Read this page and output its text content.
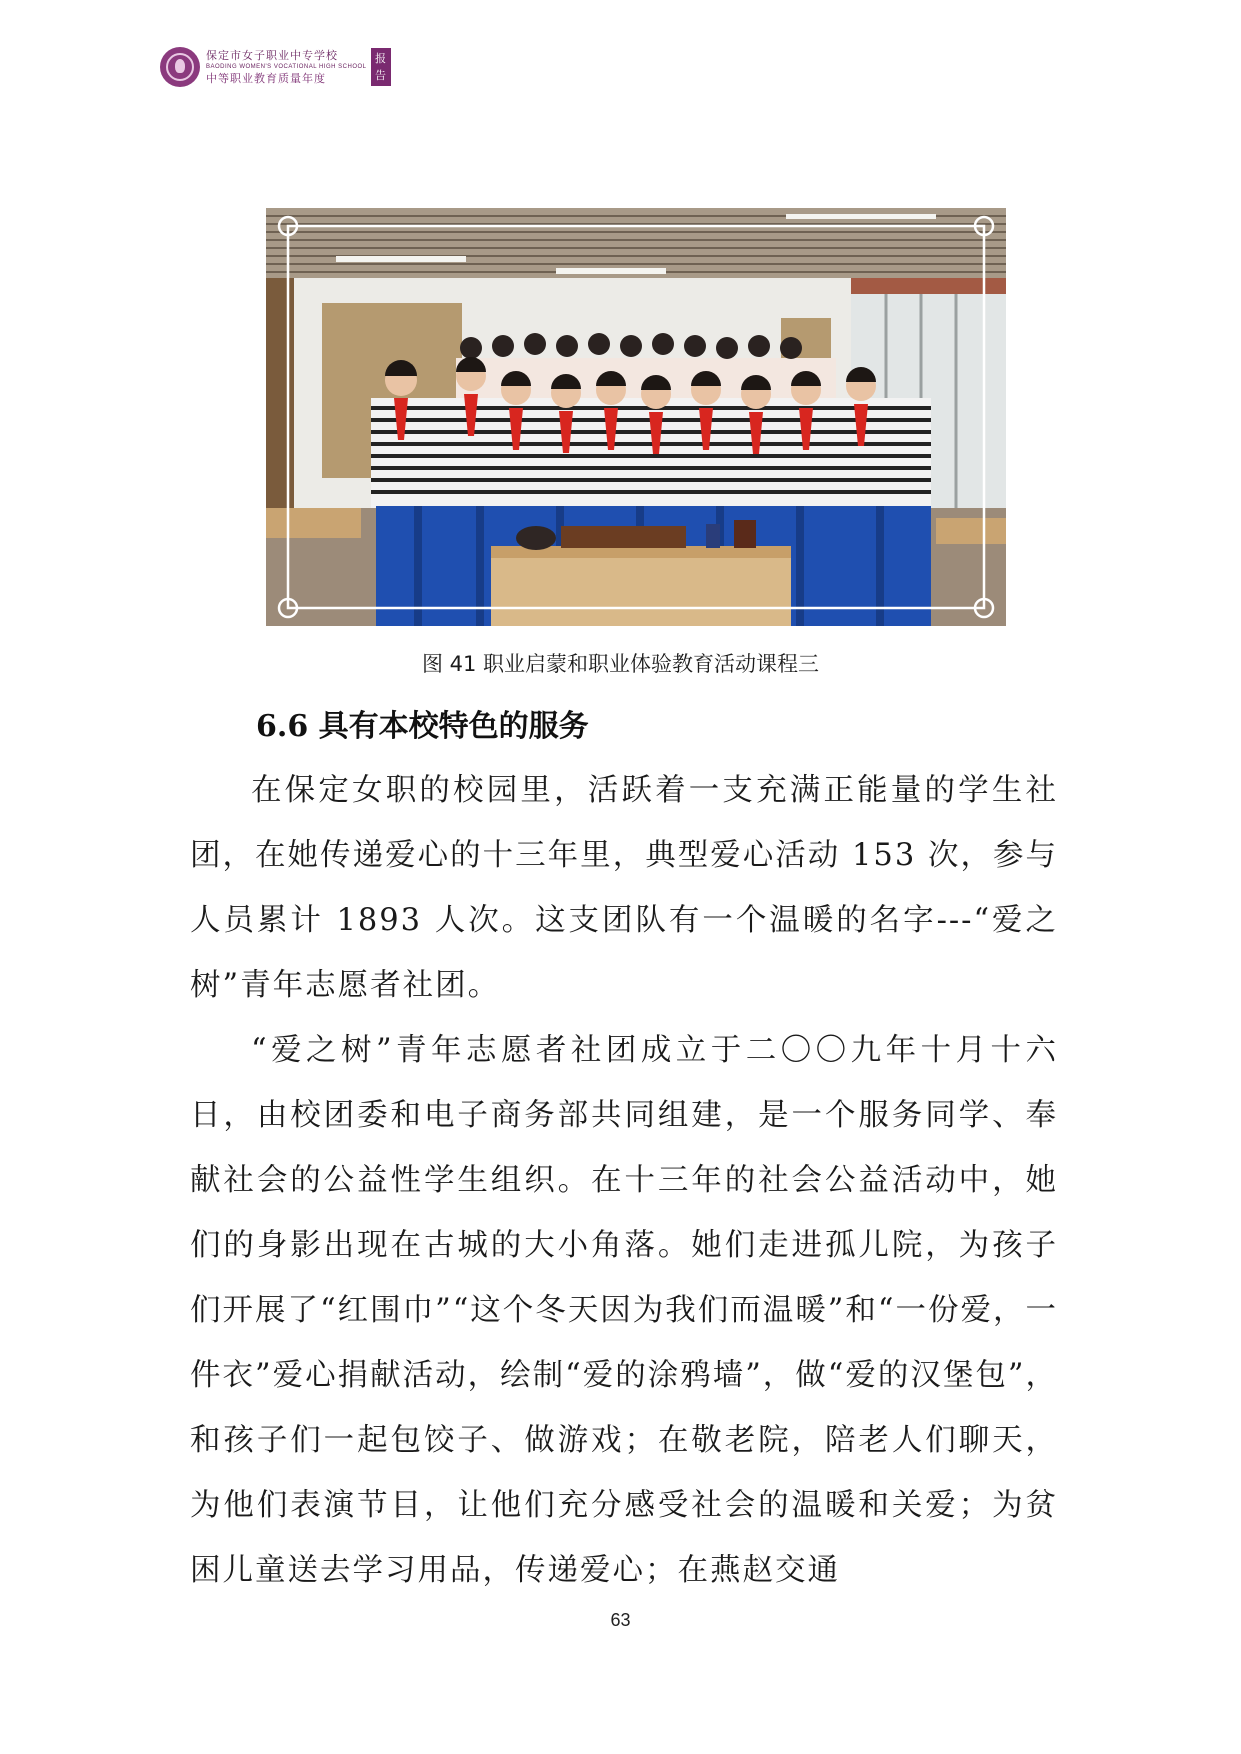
保定市女子职业中专学校
BAODING WOMEN'S VOCATIONAL HIGH SCHOOL
中等职业教育质量年度
报
告
图 41 职业启蒙和职业体验教育活动课程三
6.6 具有本校特色的服务

在保定女职的校园里，活跃着一支充满正能量的学生社团，在她传递爱心的十三年里，典型爱心活动 153 次，参与人员累计 1893 人次。这支团队有一个温暖的名字---“爱之树”青年志愿者社团。

“爱之树”青年志愿者社团成立于二〇〇九年十月十六日，由校团委和电子商务部共同组建，是一个服务同学、奉献社会的公益性学生组织。在十三年的社会公益活动中，她们的身影出现在古城的大小角落。她们走进孤儿院，为孩子们开展了“红围巾”“这个冬天因为我们而温暖”和“一份爱，一件衣”爱心捐献活动，绘制“爱的涂鸦墙”，做“爱的汉堡包”，和孩子们一起包饺子、做游戏；在敬老院，陪老人们聊天，为他们表演节目，让他们充分感受社会的温暖和关爱；为贫困儿童送去学习用品，传递爱心；在燕赵交通

63
